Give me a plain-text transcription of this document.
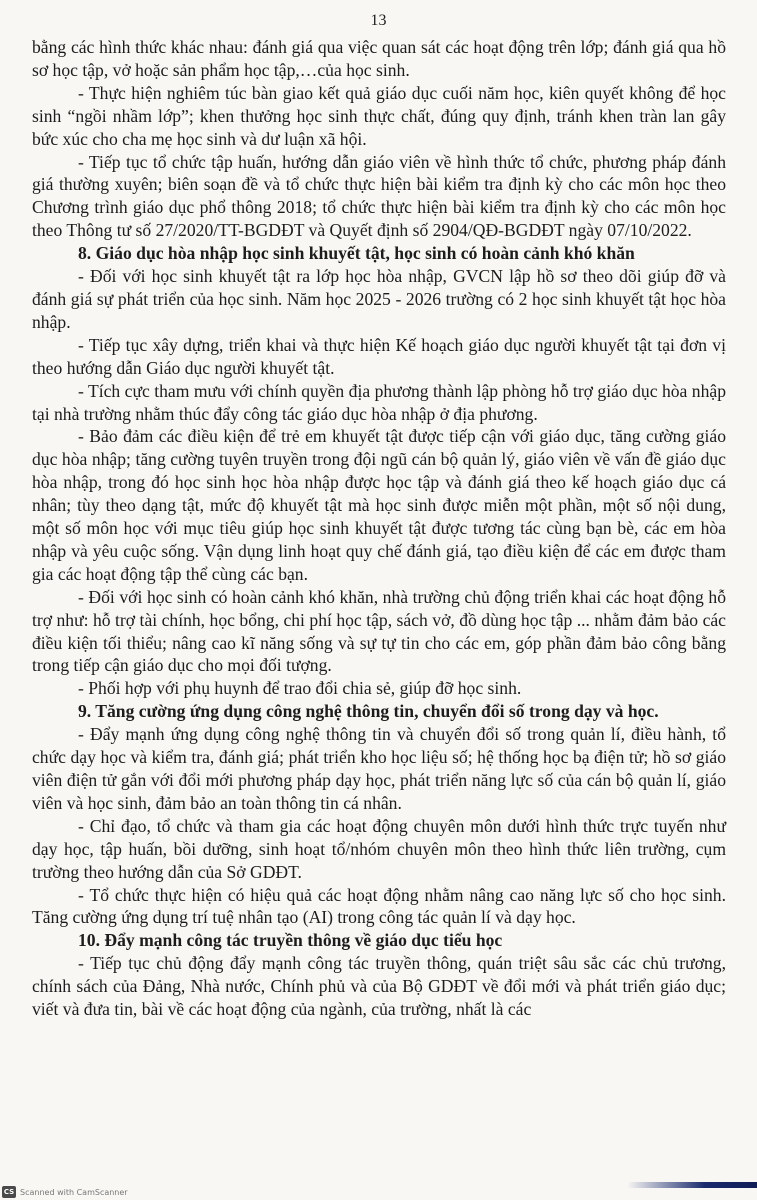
13

bằng các hình thức khác nhau: đánh giá qua việc quan sát các hoạt động trên lớp; đánh giá qua hồ sơ học tập, vở hoặc sản phẩm học tập,…của học sinh.

- Thực hiện nghiêm túc bàn giao kết quả giáo dục cuối năm học, kiên quyết không để học sinh “ngồi nhầm lớp”; khen thưởng học sinh thực chất, đúng quy định, tránh khen tràn lan gây bức xúc cho cha mẹ học sinh và dư luận xã hội.

- Tiếp tục tổ chức tập huấn, hướng dẫn giáo viên về hình thức tổ chức, phương pháp đánh giá thường xuyên; biên soạn đề và tổ chức thực hiện bài kiểm tra định kỳ cho các môn học theo Chương trình giáo dục phổ thông 2018; tổ chức thực hiện bài kiểm tra định kỳ cho các môn học theo Thông tư số 27/2020/TT-BGDĐT và Quyết định số 2904/QĐ-BGDĐT ngày 07/10/2022.

8. Giáo dục hòa nhập học sinh khuyết tật, học sinh có hoàn cảnh khó khăn

- Đối với học sinh khuyết tật ra lớp học hòa nhập, GVCN lập hồ sơ theo dõi giúp đỡ và đánh giá sự phát triển của học sinh. Năm học 2025 - 2026 trường có 2 học sinh khuyết tật học hòa nhập.

- Tiếp tục xây dựng, triển khai và thực hiện Kế hoạch giáo dục người khuyết tật tại đơn vị theo hướng dẫn Giáo dục người khuyết tật.

- Tích cực tham mưu với chính quyền địa phương thành lập phòng hỗ trợ giáo dục hòa nhập tại nhà trường nhằm thúc đẩy công tác giáo dục hòa nhập ở địa phương.

- Bảo đảm các điều kiện để trẻ em khuyết tật được tiếp cận với giáo dục, tăng cường giáo dục hòa nhập; tăng cường tuyên truyền trong đội ngũ cán bộ quản lý, giáo viên về vấn đề giáo dục hòa nhập, trong đó học sinh học hòa nhập được học tập và đánh giá theo kế hoạch giáo dục cá nhân; tùy theo dạng tật, mức độ khuyết tật mà học sinh được miễn một phần, một số nội dung, một số môn học với mục tiêu giúp học sinh khuyết tật được tương tác cùng bạn bè, các em hòa nhập và yêu cuộc sống. Vận dụng linh hoạt quy chế đánh giá, tạo điều kiện để các em được tham gia các hoạt động tập thể cùng các bạn.

- Đối với học sinh có hoàn cảnh khó khăn, nhà trường chủ động triển khai các hoạt động hỗ trợ như: hỗ trợ tài chính, học bổng, chi phí học tập, sách vở, đồ dùng học tập ... nhằm đảm bảo các điều kiện tối thiểu; nâng cao kĩ năng sống và sự tự tin cho các em, góp phần đảm bảo công bằng trong tiếp cận giáo dục cho mọi đối tượng.

- Phối hợp với phụ huynh để trao đổi chia sẻ, giúp đỡ học sinh.

9. Tăng cường ứng dụng công nghệ thông tin, chuyển đổi số trong dạy và học.

- Đẩy mạnh ứng dụng công nghệ thông tin và chuyển đổi số trong quản lí, điều hành, tổ chức dạy học và kiểm tra, đánh giá; phát triển kho học liệu số; hệ thống học bạ điện tử; hồ sơ giáo viên điện tử gắn với đổi mới phương pháp dạy học, phát triển năng lực số của cán bộ quản lí, giáo viên và học sinh, đảm bảo an toàn thông tin cá nhân.

- Chỉ đạo, tổ chức và tham gia các hoạt động chuyên môn dưới hình thức trực tuyến như dạy học, tập huấn, bồi dưỡng, sinh hoạt tổ/nhóm chuyên môn theo hình thức liên trường, cụm trường theo hướng dẫn của Sở GDĐT.

- Tổ chức thực hiện có hiệu quả các hoạt động nhằm nâng cao năng lực số cho học sinh. Tăng cường ứng dụng trí tuệ nhân tạo (AI) trong công tác quản lí và dạy học.

10. Đẩy mạnh công tác truyền thông về giáo dục tiểu học

- Tiếp tục chủ động đẩy mạnh công tác truyền thông, quán triệt sâu sắc các chủ trương, chính sách của Đảng, Nhà nước, Chính phủ và của Bộ GDĐT về đổi mới và phát triển giáo dục; viết và đưa tin, bài về các hoạt động của ngành, của trường, nhất là các

CS Scanned with CamScanner
